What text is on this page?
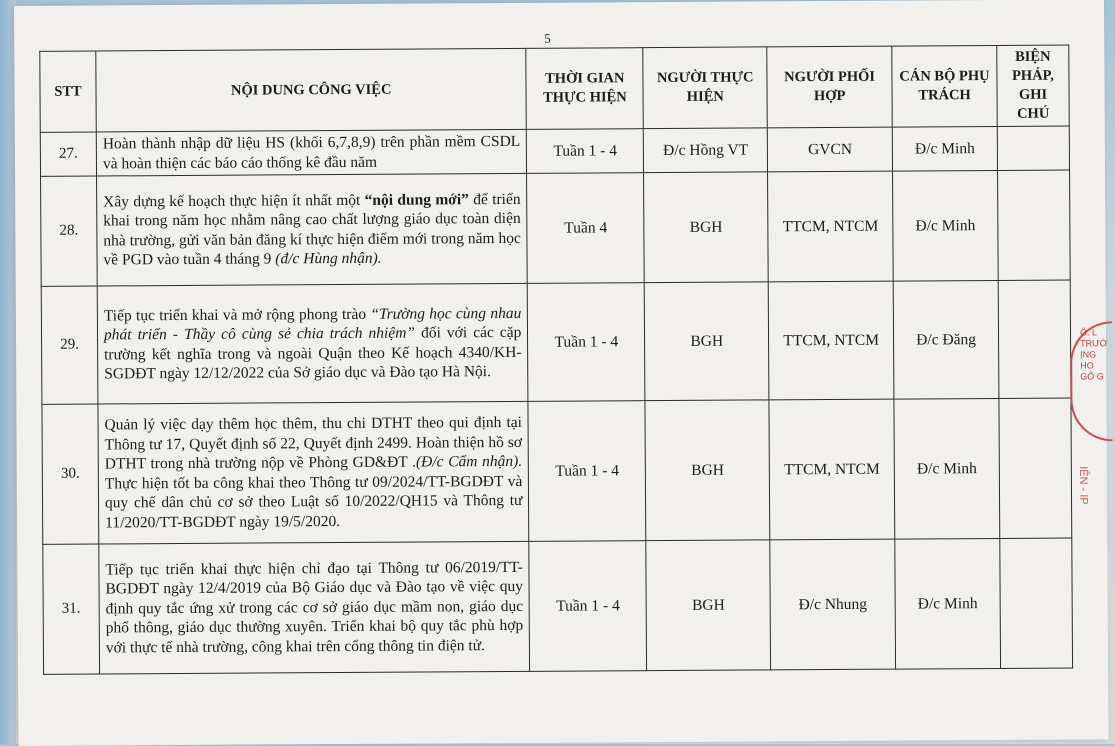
5
STT	NỘI DUNG CÔNG VIỆC	THỜI GIAN THỰC HIỆN	NGƯỜI THỰC HIỆN	NGƯỜI PHỐI HỢP	CÁN BỘ PHỤ TRÁCH	BIỆN PHÁP, GHI CHÚ
27.	Hoàn thành nhập dữ liệu HS (khối 6,7,8,9) trên phần mềm CSDL và hoàn thiện các báo cáo thống kê đầu năm	Tuần 1 - 4	Đ/c Hồng VT	GVCN	Đ/c Minh	
28.	Xây dựng kế hoạch thực hiện ít nhất một “nội dung mới” để triển khai trong năm học nhằm nâng cao chất lượng giáo dục toàn diện nhà trường, gửi văn bản đăng kí thực hiện điểm mới trong năm học về PGD vào tuần 4 tháng 9 (đ/c Hùng nhận).	Tuần 4	BGH	TTCM, NTCM	Đ/c Minh	
29.	Tiếp tục triển khai và mở rộng phong trào “Trường học cùng nhau phát triển - Thầy cô cùng sẻ chia trách nhiệm” đối với các cặp trường kết nghĩa trong và ngoài Quận theo Kế hoạch 4340/KH-SGDĐT ngày 12/12/2022 của Sở giáo dục và Đào tạo Hà Nội.	Tuần 1 - 4	BGH	TTCM, NTCM	Đ/c Đăng	
30.	Quản lý việc dạy thêm học thêm, thu chi DTHT theo qui định tại Thông tư 17, Quyết định số 22, Quyết định 2499. Hoàn thiện hồ sơ DTHT trong nhà trường nộp về Phòng GD&ĐT .(Đ/c Cẩm nhận). Thực hiện tốt ba công khai theo Thông tư 09/2024/TT-BGDĐT và quy chế dân chủ cơ sở theo Luật số 10/2022/QH15 và Thông tư 11/2020/TT-BGDĐT ngày 19/5/2020.	Tuần 1 - 4	BGH	TTCM, NTCM	Đ/c Minh	
31.	Tiếp tục triển khai thực hiện chỉ đạo tại Thông tư 06/2019/TT-BGDĐT ngày 12/4/2019 của Bộ Giáo dục và Đào tạo về việc quy định quy tắc ứng xử trong các cơ sở giáo dục mầm non, giáo dục phổ thông, giáo dục thường xuyên. Triển khai bộ quy tắc phù hợp với thực tế nhà trường, công khai trên cổng thông tin điện tử.	Tuần 1 - 4	BGH	Đ/c Nhung	Đ/c Minh	
Ô. L
TRƯỜ
ỊNG HO
GÔ G
IÊN - IP
